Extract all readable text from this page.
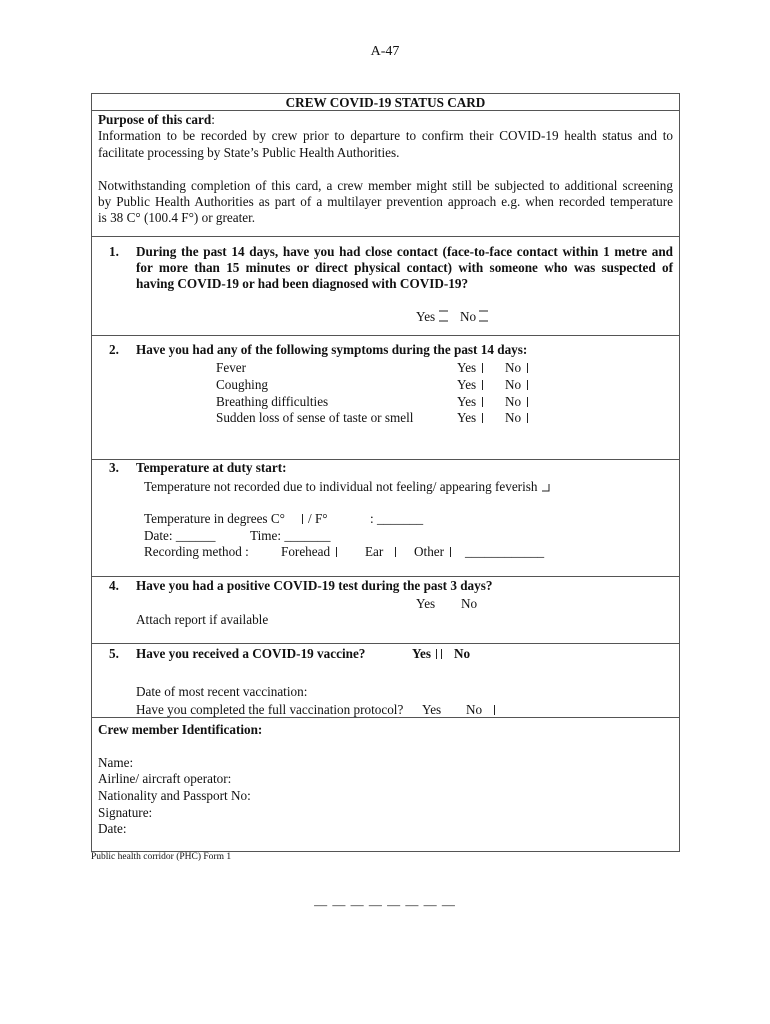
A-47
CREW COVID-19 STATUS CARD
Purpose of this card:
Information to be recorded by crew prior to departure to confirm their COVID-19 health status and to
facilitate processing by State’s Public Health Authorities.
Notwithstanding completion of this card, a crew member might still be subjected to additional screening
by Public Health Authorities as part of a multilayer prevention approach e.g. when recorded temperature
is 38 C° (100.4 F°) or greater.
1. During the past 14 days, have you had close contact (face-to-face contact within 1 metre and
for more than 15 minutes or direct physical contact) with someone who was suspected of
having COVID-19 or had been diagnosed with COVID-19?
Yes	No
2. Have you had any of the following symptoms during the past 14 days:
Fever	Yes	No
Coughing	Yes	No
Breathing difficulties	Yes	No
Sudden loss of sense of taste or smell	Yes	No
3. Temperature at duty start:
Temperature not recorded due to individual not feeling/ appearing feverish
Temperature in degrees C°	/ F°	: _______
Date: ______	Time: _______
Recording method : Forehead	Ear	Other	____________
4. Have you had a positive COVID-19 test during the past 3 days?
Yes No
Attach report if available
5. Have you received a COVID-19 vaccine?	Yes	No
Date of most recent vaccination:
Have you completed the full vaccination protocol? Yes No
Crew member Identification:
Name:
Airline/ aircraft operator:
Nationality and Passport No:
Signature:
Date:
Public health corridor (PHC) Form 1
— — — — — — — —
